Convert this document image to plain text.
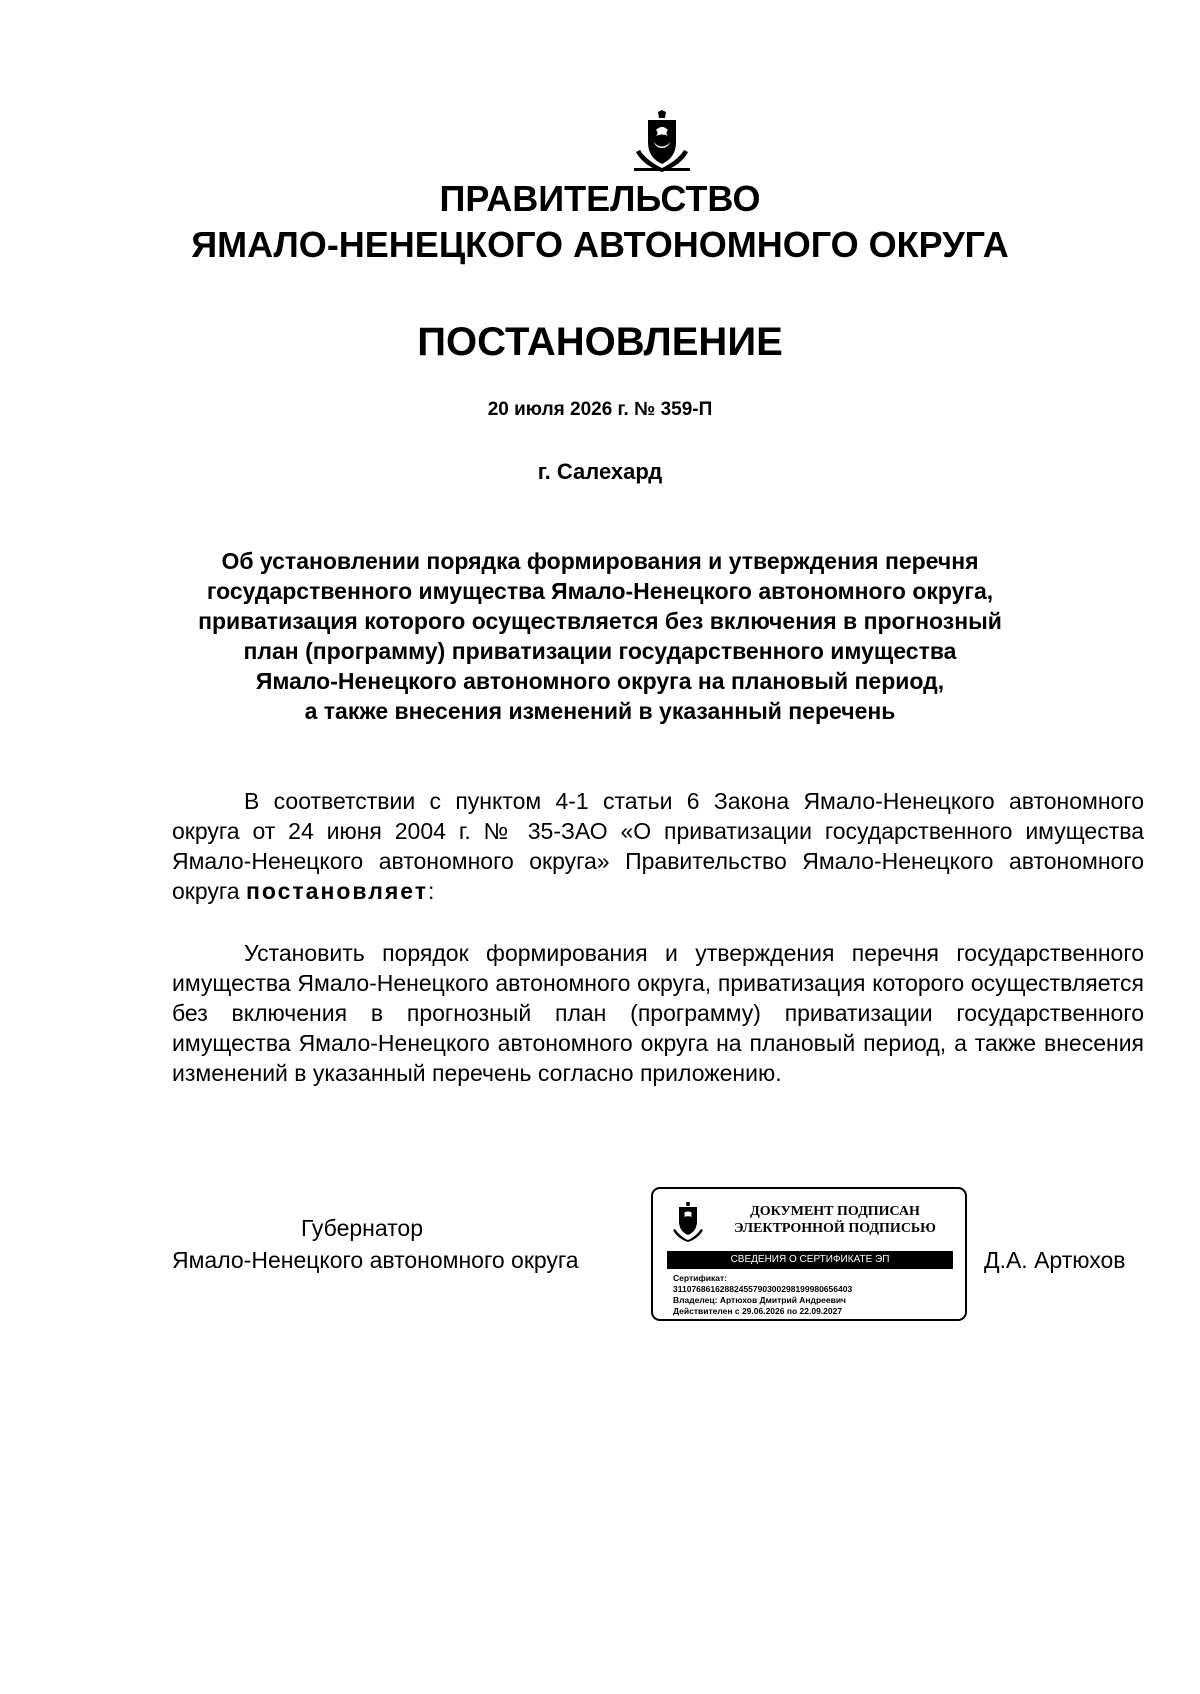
ПРАВИТЕЛЬСТВО
ЯМАЛО-НЕНЕЦКОГО АВТОНОМНОГО ОКРУГА
ПОСТАНОВЛЕНИЕ
20 июля 2026 г. № 359-П
г. Салехард
Об установлении порядка формирования и утверждения перечня
государственного имущества Ямало-Ненецкого автономного округа,
приватизация которого осуществляется без включения в прогнозный
план (программу) приватизации государственного имущества
Ямало-Ненецкого автономного округа на плановый период,
а также внесения изменений в указанный перечень

В соответствии с пунктом 4-1 статьи 6 Закона Ямало-Ненецкого автономного округа от 24 июня 2004 г. № 35-ЗАО «О приватизации государственного имущества Ямало-Ненецкого автономного округа» Правительство Ямало-Ненецкого автономного округа постановляет:

Установить порядок формирования и утверждения перечня государственного имущества Ямало-Ненецкого автономного округа, приватизация которого осуществляется без включения в прогнозный план (программу) приватизации государственного имущества Ямало-Ненецкого автономного округа на плановый период, а также внесения изменений в указанный перечень согласно приложению.

Губернатор
Ямало-Ненецкого автономного округа
ДОКУМЕНТ ПОДПИСАН
ЭЛЕКТРОННОЙ ПОДПИСЬЮ
СВЕДЕНИЯ О СЕРТИФИКАТЕ ЭП
Сертификат:
31107686162882455790300298199980656403
Владелец: Артюхов Дмитрий Андреевич
Действителен с 29.06.2026 по 22.09.2027
Д.А. Артюхов
